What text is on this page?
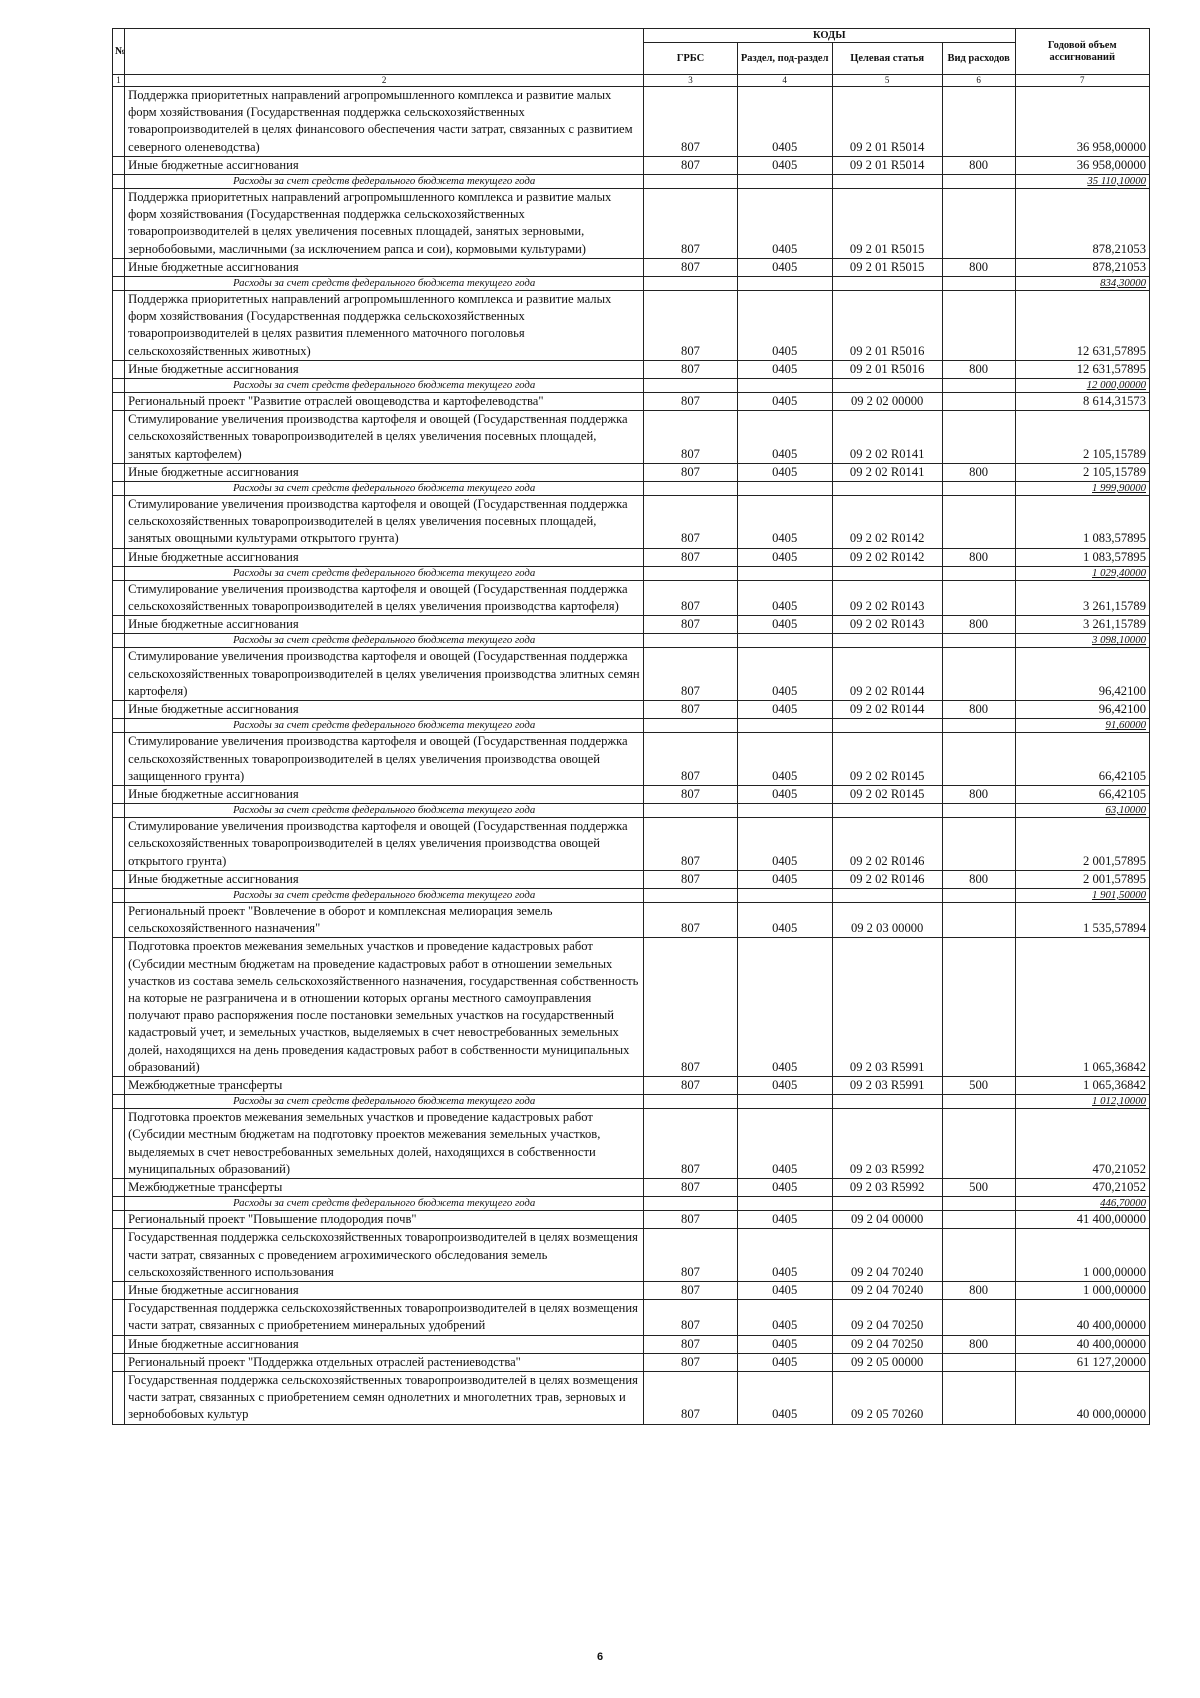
№		КОДЫ				Годовой объем ассигнований
		ГРБС	Раздел, под-раздел	Целевая статья	Вид расходов	
1	2	3	4	5	6	7
	Поддержка приоритетных направлений агропромышленного комплекса и развитие малых форм хозяйствования (Государственная поддержка сельскохозяйственных товаропроизводителей в целях финансового обеспечения части затрат, связанных с развитием северного оленеводства)	807	0405	09 2 01 R5014		36 958,00000
	Иные бюджетные ассигнования	807	0405	09 2 01 R5014	800	36 958,00000
	Расходы за счет средств федерального бюджета текущего года					35 110,10000
	Поддержка приоритетных направлений агропромышленного комплекса и развитие малых форм хозяйствования (Государственная поддержка сельскохозяйственных товаропроизводителей в целях увеличения посевных площадей, занятых зерновыми, зернобобовыми, масличными (за исключением рапса и сои), кормовыми культурами)	807	0405	09 2 01 R5015		878,21053
	Иные бюджетные ассигнования	807	0405	09 2 01 R5015	800	878,21053
	Расходы за счет средств федерального бюджета текущего года					834,30000
	Поддержка приоритетных направлений агропромышленного комплекса и развитие малых форм хозяйствования (Государственная поддержка сельскохозяйственных товаропроизводителей в целях развития племенного маточного поголовья сельскохозяйственных животных)	807	0405	09 2 01 R5016		12 631,57895
	Иные бюджетные ассигнования	807	0405	09 2 01 R5016	800	12 631,57895
	Расходы за счет средств федерального бюджета текущего года					12 000,00000
	Региональный проект "Развитие отраслей овощеводства и картофелеводства"	807	0405	09 2 02 00000		8 614,31573
	Стимулирование увеличения производства картофеля и овощей (Государственная поддержка сельскохозяйственных товаропроизводителей в целях увеличения посевных площадей, занятых картофелем)	807	0405	09 2 02 R0141		2 105,15789
	Иные бюджетные ассигнования	807	0405	09 2 02 R0141	800	2 105,15789
	Расходы за счет средств федерального бюджета текущего года					1 999,90000
	Стимулирование увеличения производства картофеля и овощей (Государственная поддержка сельскохозяйственных товаропроизводителей в целях увеличения посевных площадей, занятых овощными культурами открытого грунта)	807	0405	09 2 02 R0142		1 083,57895
	Иные бюджетные ассигнования	807	0405	09 2 02 R0142	800	1 083,57895
	Расходы за счет средств федерального бюджета текущего года					1 029,40000
	Стимулирование увеличения производства картофеля и овощей (Государственная поддержка сельскохозяйственных товаропроизводителей в целях увеличения производства картофеля)	807	0405	09 2 02 R0143		3 261,15789
	Иные бюджетные ассигнования	807	0405	09 2 02 R0143	800	3 261,15789
	Расходы за счет средств федерального бюджета текущего года					3 098,10000
	Стимулирование увеличения производства картофеля и овощей (Государственная поддержка сельскохозяйственных товаропроизводителей в целях увеличения производства элитных семян картофеля)	807	0405	09 2 02 R0144		96,42100
	Иные бюджетные ассигнования	807	0405	09 2 02 R0144	800	96,42100
	Расходы за счет средств федерального бюджета текущего года					91,60000
	Стимулирование увеличения производства картофеля и овощей (Государственная поддержка сельскохозяйственных товаропроизводителей в целях увеличения производства овощей защищенного грунта)	807	0405	09 2 02 R0145		66,42105
	Иные бюджетные ассигнования	807	0405	09 2 02 R0145	800	66,42105
	Расходы за счет средств федерального бюджета текущего года					63,10000
	Стимулирование увеличения производства картофеля и овощей (Государственная поддержка сельскохозяйственных товаропроизводителей в целях увеличения производства овощей открытого грунта)	807	0405	09 2 02 R0146		2 001,57895
	Иные бюджетные ассигнования	807	0405	09 2 02 R0146	800	2 001,57895
	Расходы за счет средств федерального бюджета текущего года					1 901,50000
	Региональный проект "Вовлечение в оборот и комплексная мелиорация земель сельскохозяйственного назначения"	807	0405	09 2 03 00000		1 535,57894
	Подготовка проектов межевания земельных участков и проведение кадастровых работ (Субсидии местным бюджетам на проведение кадастровых работ в отношении земельных участков из состава земель сельскохозяйственного назначения, государственная собственность на которые не разграничена и в отношении которых органы местного самоуправления получают право распоряжения после постановки земельных участков на государственный кадастровый учет, и земельных участков, выделяемых в счет невостребованных земельных долей, находящихся на день проведения кадастровых работ в собственности муниципальных образований)	807	0405	09 2 03 R5991		1 065,36842
	Межбюджетные трансферты	807	0405	09 2 03 R5991	500	1 065,36842
	Расходы за счет средств федерального бюджета текущего года					1 012,10000
	Подготовка проектов межевания земельных участков и проведение кадастровых работ (Субсидии местным бюджетам на подготовку проектов межевания земельных участков, выделяемых в счет невостребованных земельных долей, находящихся в собственности муниципальных образований)	807	0405	09 2 03 R5992		470,21052
	Межбюджетные трансферты	807	0405	09 2 03 R5992	500	470,21052
	Расходы за счет средств федерального бюджета текущего года					446,70000
	Региональный проект "Повышение плодородия почв"	807	0405	09 2 04 00000		41 400,00000
	Государственная поддержка сельскохозяйственных товаропроизводителей в целях возмещения части затрат, связанных с проведением агрохимического обследования земель сельскохозяйственного использования	807	0405	09 2 04 70240		1 000,00000
	Иные бюджетные ассигнования	807	0405	09 2 04 70240	800	1 000,00000
	Государственная поддержка сельскохозяйственных товаропроизводителей в целях возмещения части затрат, связанных с приобретением минеральных удобрений	807	0405	09 2 04 70250		40 400,00000
	Иные бюджетные ассигнования	807	0405	09 2 04 70250	800	40 400,00000
	Региональный проект "Поддержка отдельных отраслей растениеводства"	807	0405	09 2 05 00000		61 127,20000
	Государственная поддержка сельскохозяйственных товаропроизводителей в целях возмещения части затрат, связанных с приобретением семян однолетних и многолетних трав, зерновых и зернобобовых культур	807	0405	09 2 05 70260		40 000,00000
6
